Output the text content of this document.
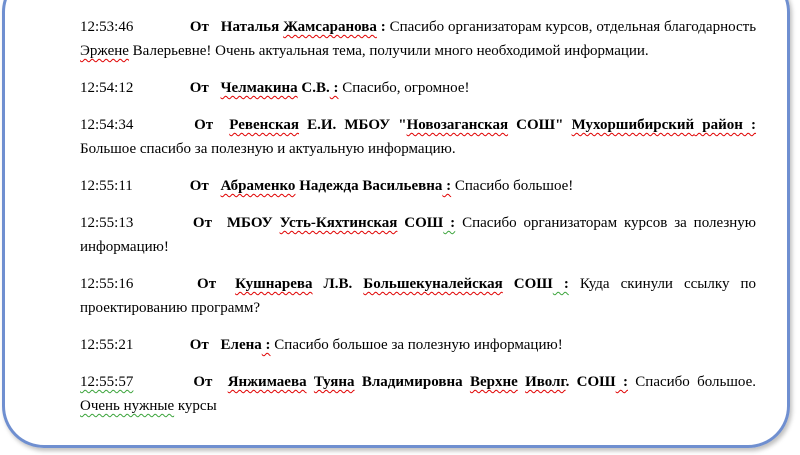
12:53:46	От Наталья Жамсаранова : Спасибо организаторам курсов, отдельная благодарность Эржене Валерьевне! Очень актуальная тема, получили много необходимой информации.

12:54:12	От Челмакина С.В. : Спасибо, огромное!

12:54:34	От Ревенская Е.И. МБОУ "Новозаганская СОШ" Мухоршибирский район : Большое спасибо за полезную и актуальную информацию.

12:55:11	От Абраменко Надежда Васильевна : Спасибо большое!

12:55:13	От МБОУ Усть-Кяхтинская СОШ : Спасибо организаторам курсов за полезную информацию!

12:55:16	От Кушнарева Л.В. Большекуналейская СОШ : Куда скинули ссылку по проектированию программ?

12:55:21	От Елена : Спасибо большое за полезную информацию!

12:55:57	От Янжимаева Туяна Владимировна Верхне Иволг. СОШ : Спасибо большое. Очень нужные курсы
